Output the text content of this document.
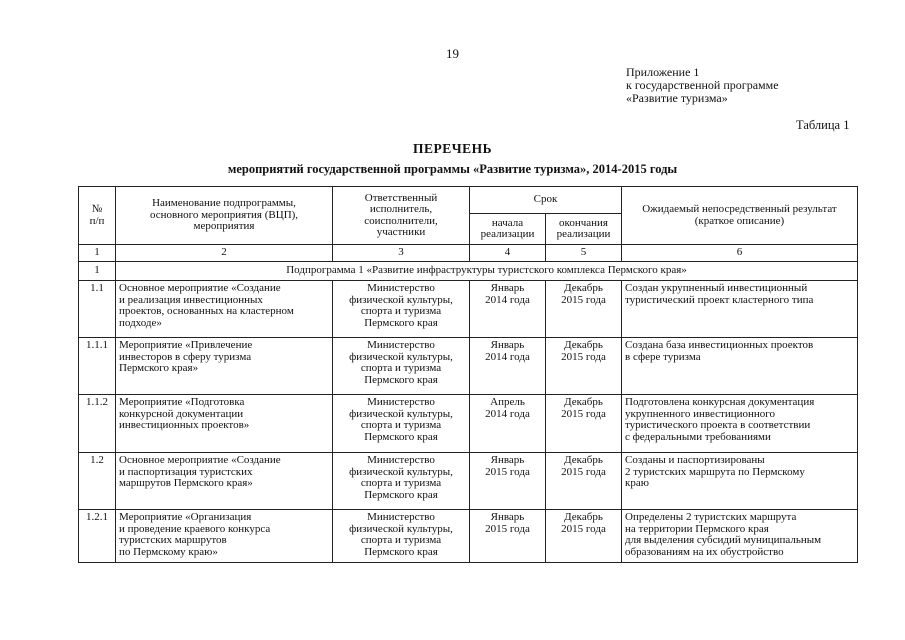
19
Приложение 1
к государственной программе
«Развитие туризма»
Таблица 1
ПЕРЕЧЕНЬ
мероприятий государственной программы «Развитие туризма», 2014-2015 годы
№
п/п	Наименование подпрограммы,
основного мероприятия (ВЦП),
мероприятия	Ответственный
исполнитель,
соисполнители,
участники	Срок		Ожидаемый непосредственный результат
(краткое описание)
			начала
реализации	окончания
реализации	
1	2	3	4	5	6
1	Подпрограмма 1 «Развитие инфраструктуры туристского комплекса Пермского края»				
1.1	Основное мероприятие «Создание
и реализация инвестиционных
проектов, основанных на кластерном
подходе»	Министерство
физической культуры,
спорта и туризма
Пермского края	Январь
2014 года	Декабрь
2015 года	Создан укрупненный инвестиционный
туристический проект кластерного типа
1.1.1	Мероприятие «Привлечение
инвесторов в сферу туризма
Пермского края»	Министерство
физической культуры,
спорта и туризма
Пермского края	Январь
2014 года	Декабрь
2015 года	Создана база инвестиционных проектов
в сфере туризма
1.1.2	Мероприятие «Подготовка
конкурсной документации
инвестиционных проектов»	Министерство
физической культуры,
спорта и туризма
Пермского края	Апрель
2014 года	Декабрь
2015 года	Подготовлена конкурсная документация
укрупненного инвестиционного
туристического проекта в соответствии
с федеральными требованиями
1.2	Основное мероприятие «Создание
и паспортизация туристских
маршрутов Пермского края»	Министерство
физической культуры,
спорта и туризма
Пермского края	Январь
2015 года	Декабрь
2015 года	Созданы и паспортизированы
2 туристских маршрута по Пермскому
краю
1.2.1	Мероприятие «Организация
и проведение краевого конкурса
туристских маршрутов
по Пермскому краю»	Министерство
физической культуры,
спорта и туризма
Пермского края	Январь
2015 года	Декабрь
2015 года	Определены 2 туристских маршрута
на территории Пермского края
для выделения субсидий муниципальным
образованиям на их обустройство
